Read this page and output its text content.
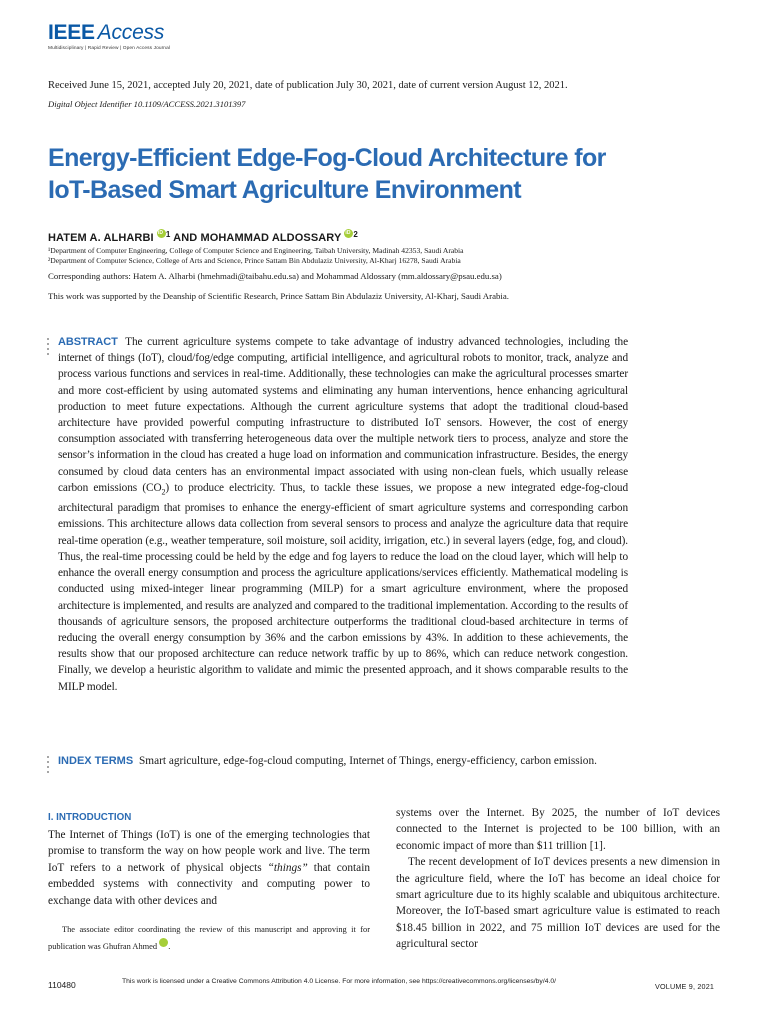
IEEE Access
Multidisciplinary | Rapid Review | Open Access Journal
Received June 15, 2021, accepted July 20, 2021, date of publication July 30, 2021, date of current version August 12, 2021.
Digital Object Identifier 10.1109/ACCESS.2021.3101397
Energy-Efficient Edge-Fog-Cloud Architecture for
IoT-Based Smart Agriculture Environment
HATEM A. ALHARBI iD $^1$ AND MOHAMMAD ALDOSSARY iD $^2$
¹Department of Computer Engineering, College of Computer Science and Engineering, Taibah University, Madinah 42353, Saudi Arabia
²Department of Computer Science, College of Arts and Science, Prince Sattam Bin Abdulaziz University, Al-Kharj 16278, Saudi Arabia
Corresponding authors: Hatem A. Alharbi (hmehmadi@taibahu.edu.sa) and Mohammad Aldossary (mm.aldossary@psau.edu.sa)
This work was supported by the Deanship of Scientific Research, Prince Sattam Bin Abdulaziz University, Al-Kharj, Saudi Arabia.
ABSTRACT The current agriculture systems compete to take advantage of industry advanced technologies, including the internet of things (IoT), cloud/fog/edge computing, artificial intelligence, and agricultural robots to monitor, track, analyze and process various functions and services in real-time. Additionally, these technologies can make the agricultural processes smarter and more cost-efficient by using automated systems and eliminating any human interventions, hence enhancing agricultural production to meet future expectations. Although the current agriculture systems that adopt the traditional cloud-based architecture have provided powerful computing infrastructure to distributed IoT sensors. However, the cost of energy consumption associated with transferring heterogeneous data over the multiple network tiers to process, analyze and store the sensor’s information in the cloud has created a huge load on information and communication infrastructure. Besides, the energy consumed by cloud data centers has an environmental impact associated with using non-clean fuels, which usually release carbon emissions $(CO_2)$ to produce electricity. Thus, to tackle these issues, we propose a new integrated edge-fog-cloud architectural paradigm that promises to enhance the energy-efficient of smart agriculture systems and corresponding carbon emissions. This architecture allows data collection from several sensors to process and analyze the agriculture data that require real-time operation (e.g., weather temperature, soil moisture, soil acidity, irrigation, etc.) in several layers (edge, fog, and cloud). Thus, the real-time processing could be held by the edge and fog layers to reduce the load on the cloud layer, which will help to enhance the overall energy consumption and process the agriculture applications/services efficiently. Mathematical modeling is conducted using mixed-integer linear programming (MILP) for a smart agriculture environment, where the proposed architecture is implemented, and results are analyzed and compared to the traditional implementation. According to the results of thousands of agriculture sensors, the proposed architecture outperforms the traditional cloud-based architecture in terms of reducing the overall energy consumption by 36% and the carbon emissions by 43%. In addition to these achievements, the results show that our proposed architecture can reduce network traffic by up to 86%, which can reduce network congestion. Finally, we develop a heuristic algorithm to validate and mimic the presented approach, and it shows comparable results to the MILP model.
INDEX TERMS Smart agriculture, edge-fog-cloud computing, Internet of Things, energy-efficiency, carbon emission.
I. INTRODUCTION

The Internet of Things (IoT) is one of the emerging technologies that promise to transform the way on how people work and live. The term IoT refers to a network of physical objects “things” that contain embedded systems with connectivity and computing power to exchange data with other devices and

The associate editor coordinating the review of this manuscript and approving it for publication was Ghufran Ahmed iD .

systems over the Internet. By 2025, the number of IoT devices connected to the Internet is projected to be 100 billion, with an economic impact of more than $11 trillion [1].

The recent development of IoT devices presents a new dimension in the agriculture field, where the IoT has become an ideal choice for smart agriculture due to its highly scalable and ubiquitous architecture. Moreover, the IoT-based smart agriculture value is estimated to reach $18.45 billion in 2022, and 75 million IoT devices are used for the agricultural sector

110480	This work is licensed under a Creative Commons Attribution 4.0 License. For more information, see https://creativecommons.org/licenses/by/4.0/
VOLUME 9, 2021
